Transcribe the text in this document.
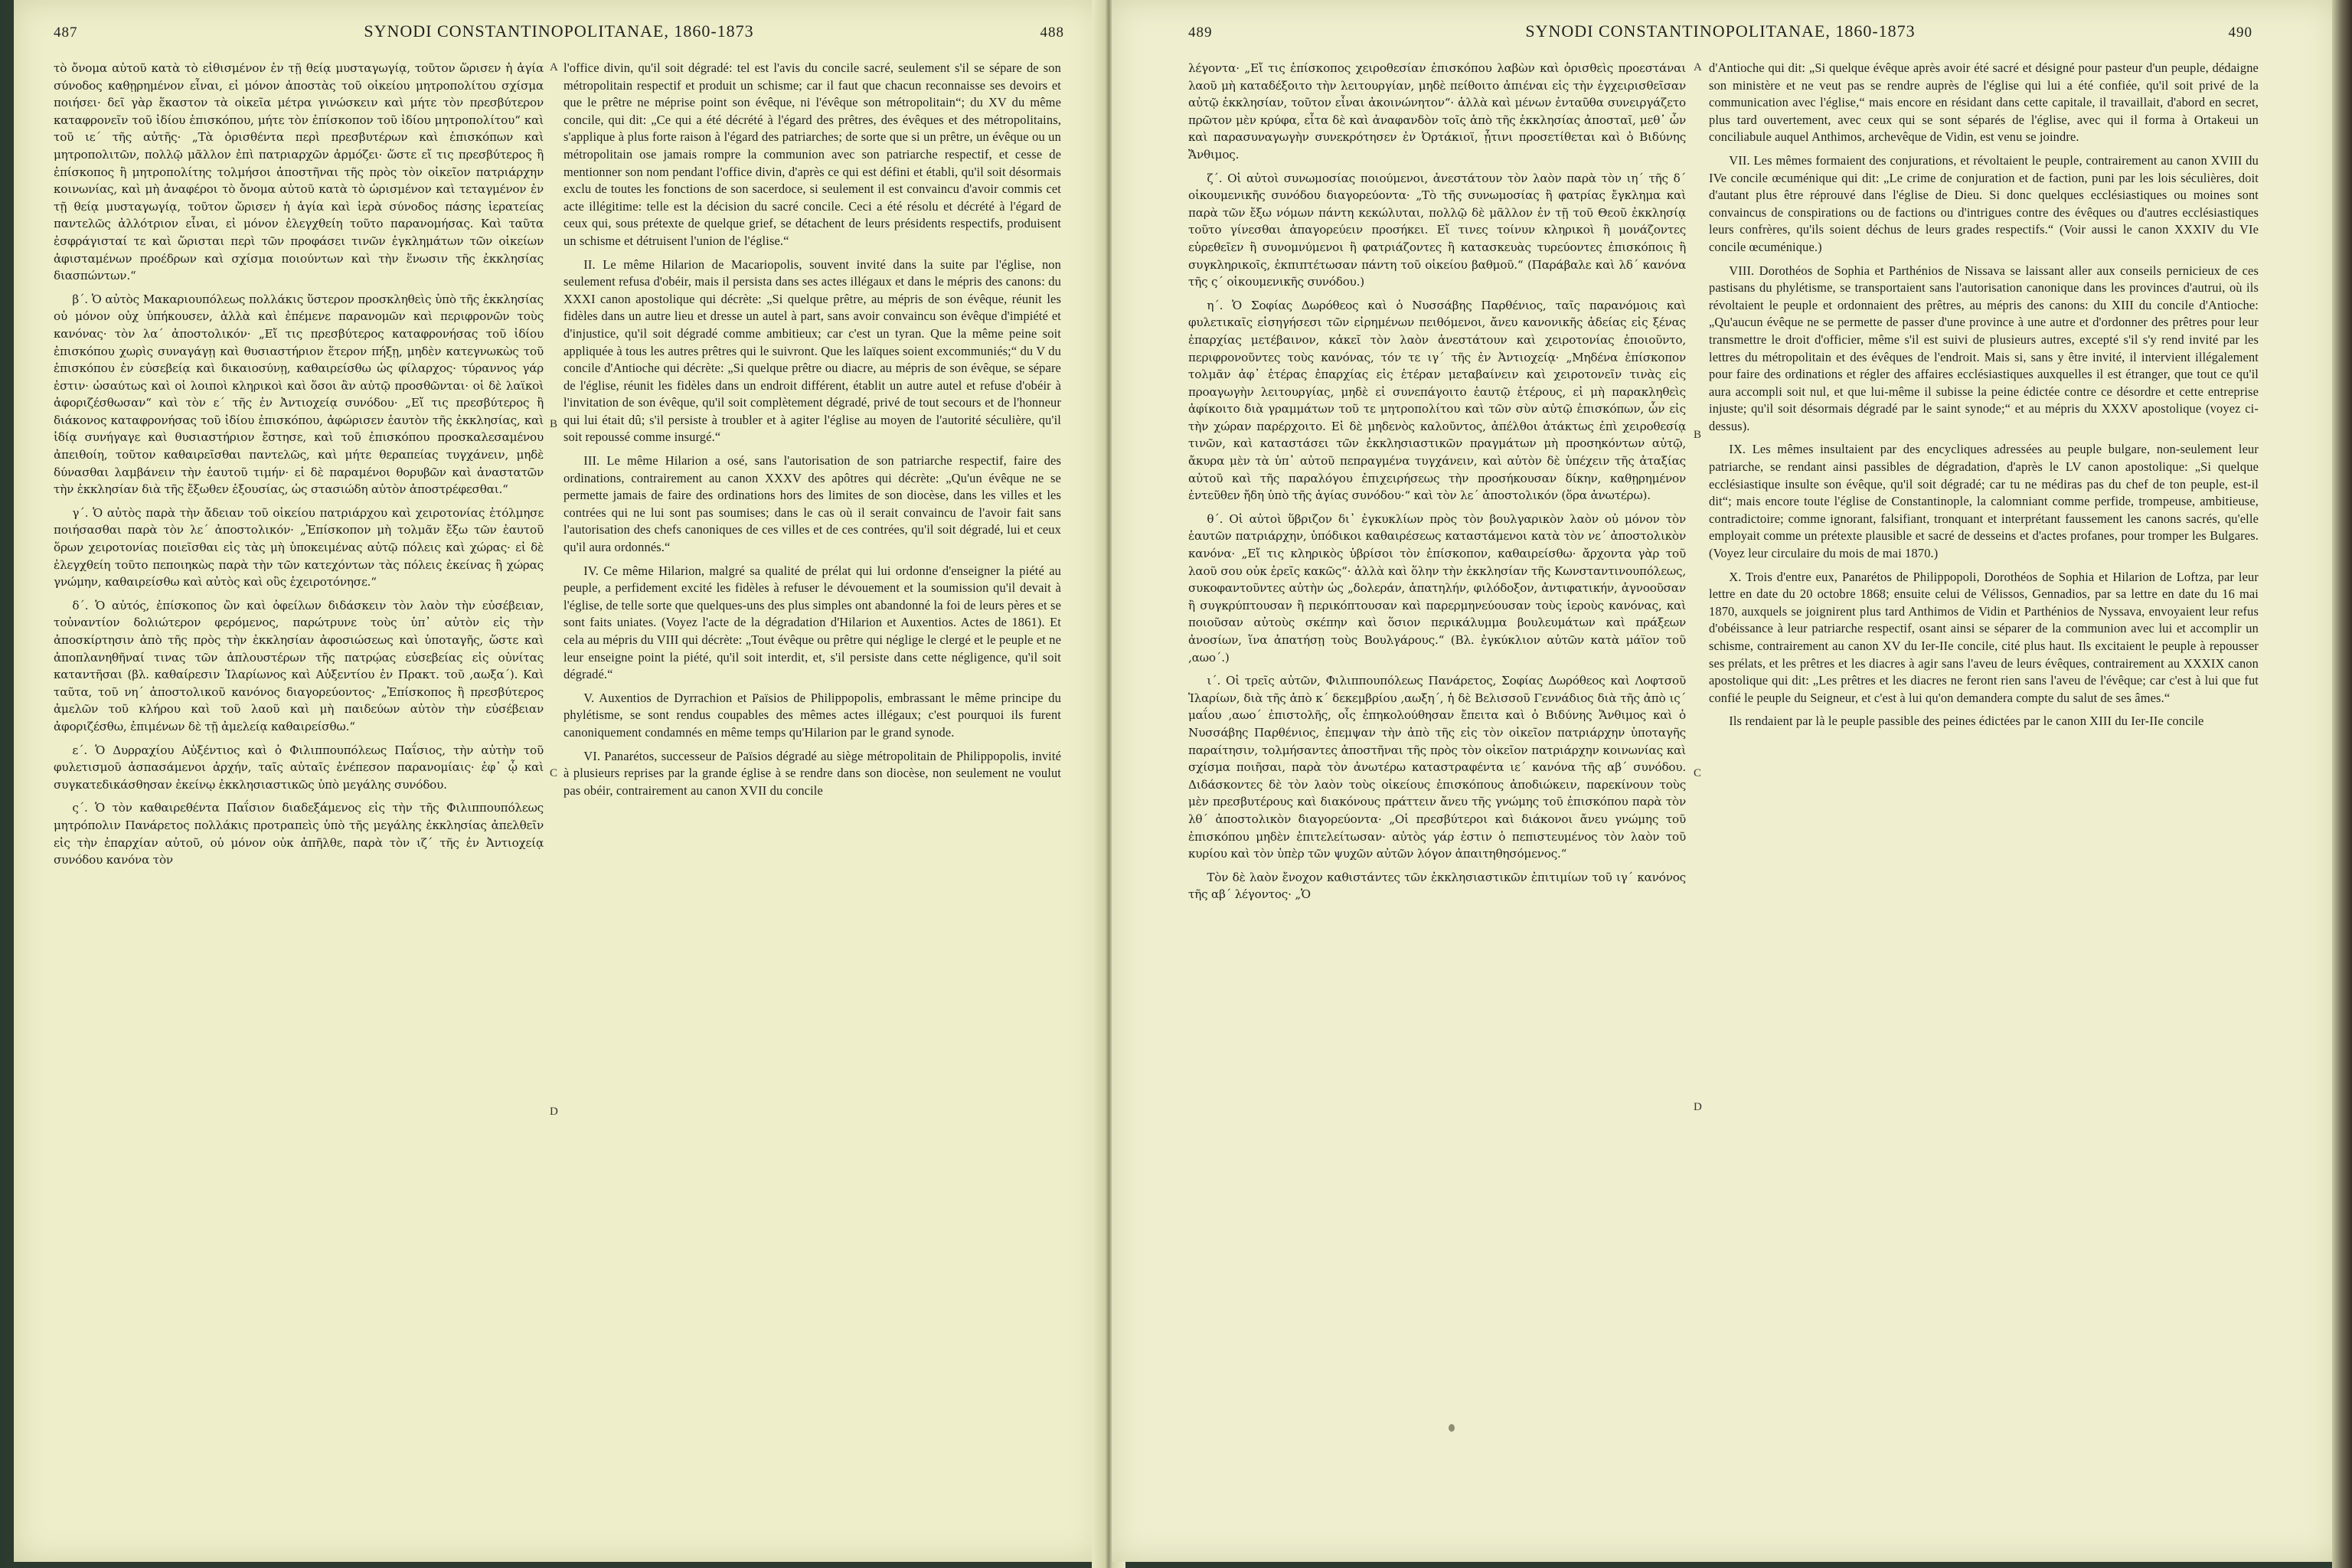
487	SYNODI CONSTANTINOPOLITANAE, 1860-1873	488

τὸ ὄνομα αὐτοῦ κατὰ τὸ εἰθισμένον ἐν τῇ θείᾳ μυσταγωγίᾳ, τοῦτον ὥρισεν ἡ ἁγία σύνοδος καθῃρημένον εἶναι, εἰ μόνον ἀποστὰς τοῦ οἰκείου μητροπολίτου σχίσμα ποιήσει· δεῖ γὰρ ἕκαστον τὰ οἰκεῖα μέτρα γινώσκειν καὶ μήτε τὸν πρεσβύτερον καταφρονεῖν τοῦ ἰδίου ἐπισκόπου, μήτε τὸν ἐπίσκοπον τοῦ ἰδίου μητροπολίτου“ καὶ τοῦ ιε΄ τῆς αὐτῆς· „Τὰ ὁρισθέντα περὶ πρεσβυτέρων καὶ ἐπισκόπων καὶ μητροπολιτῶν, πολλῷ μᾶλλον ἐπὶ πατριαρχῶν ἁρμόζει· ὥστε εἴ τις πρεσβύτερος ἢ ἐπίσκοπος ἢ μητροπολίτης τολμήσοι ἀποστῆναι τῆς πρὸς τὸν οἰκεῖον πατριάρχην κοινωνίας, καὶ μὴ ἀναφέροι τὸ ὄνομα αὐτοῦ κατὰ τὸ ὡρισμένον καὶ τεταγμένον ἐν τῇ θείᾳ μυσταγωγίᾳ, τοῦτον ὥρισεν ἡ ἁγία καὶ ἱερὰ σύνοδος πάσης ἱερατείας παντελῶς ἀλλότριον εἶναι, εἰ μόνον ἐλεγχθείη τοῦτο παρανομήσας. Καὶ ταῦτα ἐσφράγισταί τε καὶ ὥρισται περὶ τῶν προφάσει τινῶν ἐγκλημάτων τῶν οἰκείων ἀφισταμένων προέδρων καὶ σχίσμα ποιούντων καὶ τὴν ἕνωσιν τῆς ἐκκλησίας διασπώντων.“

β΄. Ὁ αὐτὸς Μακαριουπόλεως πολλάκις ὕστερον προσκληθεὶς ὑπὸ τῆς ἐκκλησίας οὐ μόνον οὐχ ὑπήκουσεν, ἀλλὰ καὶ ἐπέμενε παρανομῶν καὶ περιφρονῶν τοὺς κανόνας· τὸν λα΄ ἀποστολικόν· „Εἴ τις πρεσβύτερος καταφρονήσας τοῦ ἰδίου ἐπισκόπου χωρὶς συναγάγῃ καὶ θυσιαστήριον ἕτερον πήξῃ, μηδὲν κατεγνωκὼς τοῦ ἐπισκόπου ἐν εὐσεβείᾳ καὶ δικαιοσύνῃ, καθαιρείσθω ὡς φίλαρχος· τύραννος γάρ ἐστιν· ὡσαύτως καὶ οἱ λοιποὶ κληρικοὶ καὶ ὅσοι ἂν αὐτῷ προσθῶνται· οἱ δὲ λαϊκοὶ ἀφοριζέσθωσαν“ καὶ τὸν ε΄ τῆς ἐν Ἀντιοχείᾳ συνόδου· „Εἴ τις πρεσβύτερος ἢ διάκονος καταφρονήσας τοῦ ἰδίου ἐπισκόπου, ἀφώρισεν ἑαυτὸν τῆς ἐκκλησίας, καὶ ἰδίᾳ συνήγαγε καὶ θυσιαστήριον ἔστησε, καὶ τοῦ ἐπισκόπου προσκαλεσαμένου ἀπειθοίη, τοῦτον καθαιρεῖσθαι παντελῶς, καὶ μήτε θεραπείας τυγχάνειν, μηδὲ δύνασθαι λαμβάνειν τὴν ἑαυτοῦ τιμήν· εἰ δὲ παραμένοι θορυβῶν καὶ ἀναστατῶν τὴν ἐκκλησίαν διὰ τῆς ἔξωθεν ἐξουσίας, ὡς στασιώδη αὐτὸν ἀποστρέφεσθαι.“

γ΄. Ὁ αὐτὸς παρὰ τὴν ἄδειαν τοῦ οἰκείου πατριάρχου καὶ χειροτονίας ἐτόλμησε ποιήσασθαι παρὰ τὸν λε΄ ἀποστολικόν· „Ἐπίσκοπον μὴ τολμᾶν ἔξω τῶν ἑαυτοῦ ὅρων χειροτονίας ποιεῖσθαι εἰς τὰς μὴ ὑποκειμένας αὐτῷ πόλεις καὶ χώρας· εἰ δὲ ἐλεγχθείη τοῦτο πεποιηκὼς παρὰ τὴν τῶν κατεχόντων τὰς πόλεις ἐκείνας ἢ χώρας γνώμην, καθαιρείσθω καὶ αὐτὸς καὶ οὓς ἐχειροτόνησε.“

δ΄. Ὁ αὐτός, ἐπίσκοπος ὢν καὶ ὀφείλων διδάσκειν τὸν λαὸν τὴν εὐσέβειαν, τοὐναντίον δολιώτερον φερόμενος, παρώτρυνε τοὺς ὑπ᾽ αὐτὸν εἰς τὴν ἀποσκίρτησιν ἀπὸ τῆς πρὸς τὴν ἐκκλησίαν ἀφοσιώσεως καὶ ὑποταγῆς, ὥστε καὶ ἀποπλανηθῆναί τινας τῶν ἁπλουστέρων τῆς πατρῴας εὐσεβείας εἰς οὐνίτας καταντῆσαι (βλ. καθαίρεσιν Ἱλαρίωνος καὶ Αὐξεντίου ἐν Πρακτ. τοῦ ,αωξα΄). Καὶ ταῦτα, τοῦ νη΄ ἀποστολικοῦ κανόνος διαγορεύοντος· „Ἐπίσκοπος ἢ πρεσβύτερος ἀμελῶν τοῦ κλήρου καὶ τοῦ λαοῦ καὶ μὴ παιδεύων αὐτὸν τὴν εὐσέβειαν ἀφοριζέσθω, ἐπιμένων δὲ τῇ ἀμελείᾳ καθαιρείσθω.“

ε΄. Ὁ Δυρραχίου Αὐξέντιος καὶ ὁ Φιλιππουπόλεως Παΐσιος, τὴν αὐτὴν τοῦ φυλετισμοῦ ἀσπασάμενοι ἀρχήν, ταῖς αὐταῖς ἐνέπεσον παρανομίαις· ἐφ᾽ ᾧ καὶ συγκατεδικάσθησαν ἐκείνῳ ἐκκλησιαστικῶς ὑπὸ μεγάλης συνόδου.

ς΄. Ὁ τὸν καθαιρεθέντα Παΐσιον διαδεξάμενος εἰς τὴν τῆς Φιλιππουπόλεως μητρόπολιν Πανάρετος πολλάκις προτραπεὶς ὑπὸ τῆς μεγάλης ἐκκλησίας ἀπελθεῖν εἰς τὴν ἐπαρχίαν αὐτοῦ, οὐ μόνον οὐκ ἀπῆλθε, παρὰ τὸν ιζ΄ τῆς ἐν Ἀντιοχείᾳ συνόδου κανόνα τὸν

l'office divin, qu'il soit dégradé: tel est l'avis du concile sacré, seulement s'il se sépare de son métropolitain respectif et produit un schisme; car il faut que chacun reconnaisse ses devoirs et que le prêtre ne méprise point son évêque, ni l'évêque son métropolitain“; du XV du même concile, qui dit: „Ce qui a été décrété à l'égard des prêtres, des évêques et des métropolitains, s'applique à plus forte raison à l'égard des patriarches; de sorte que si un prêtre, un évêque ou un métropolitain ose jamais rompre la communion avec son patriarche respectif, et cesse de mentionner son nom pendant l'office divin, d'après ce qui est défini et établi, qu'il soit désormais exclu de toutes les fonctions de son sacerdoce, si seulement il est convaincu d'avoir commis cet acte illégitime: telle est la décision du sacré concile. Ceci a été résolu et décrété à l'égard de ceux qui, sous prétexte de quelque grief, se détachent de leurs présidents respectifs, produisent un schisme et détruisent l'union de l'église.“

II. Le même Hilarion de Macariopolis, souvent invité dans la suite par l'église, non seulement refusa d'obéir, mais il persista dans ses actes illégaux et dans le mépris des canons: du XXXI canon apostolique qui décrète: „Si quelque prêtre, au mépris de son évêque, réunit les fidèles dans un autre lieu et dresse un autel à part, sans avoir convaincu son évêque d'impiété et d'injustice, qu'il soit dégradé comme ambitieux; car c'est un tyran. Que la même peine soit appliquée à tous les autres prêtres qui le suivront. Que les laïques soient excommuniés;“ du V du concile d'Antioche qui décrète: „Si quelque prêtre ou diacre, au mépris de son évêque, se sépare de l'église, réunit les fidèles dans un endroit différent, établit un autre autel et refuse d'obéir à l'invitation de son évêque, qu'il soit complètement dégradé, privé de tout secours et de l'honneur qui lui était dû; s'il persiste à troubler et à agiter l'église au moyen de l'autorité séculière, qu'il soit repoussé comme insurgé.“

III. Le même Hilarion a osé, sans l'autorisation de son patriarche respectif, faire des ordinations, contrairement au canon XXXV des apôtres qui décrète: „Qu'un évêque ne se permette jamais de faire des ordinations hors des limites de son diocèse, dans les villes et les contrées qui ne lui sont pas soumises; dans le cas où il serait convaincu de l'avoir fait sans l'autorisation des chefs canoniques de ces villes et de ces contrées, qu'il soit dégradé, lui et ceux qu'il aura ordonnés.“

IV. Ce même Hilarion, malgré sa qualité de prélat qui lui ordonne d'enseigner la piété au peuple, a perfidement excité les fidèles à refuser le dévouement et la soumission qu'il devait à l'église, de telle sorte que quelques-uns des plus simples ont abandonné la foi de leurs pères et se sont faits uniates. (Voyez l'acte de la dégradation d'Hilarion et Auxentios. Actes de 1861). Et cela au mépris du VIII qui décrète: „Tout évêque ou prêtre qui néglige le clergé et le peuple et ne leur enseigne point la piété, qu'il soit interdit, et, s'il persiste dans cette négligence, qu'il soit dégradé.“

V. Auxentios de Dyrrachion et Païsios de Philippopolis, embrassant le même principe du phylétisme, se sont rendus coupables des mêmes actes illégaux; c'est pourquoi ils furent canoniquement condamnés en même temps qu'Hilarion par le grand synode.

VI. Panarétos, successeur de Païsios dégradé au siège métropolitain de Philippopolis, invité à plusieurs reprises par la grande église à se rendre dans son diocèse, non seulement ne voulut pas obéir, contrairement au canon XVII du concile

A
B
C
D
489	SYNODI CONSTANTINOPOLITANAE, 1860-1873	490

λέγοντα· „Εἴ τις ἐπίσκοπος χειροθεσίαν ἐπισκόπου λαβὼν καὶ ὁρισθεὶς προεστάναι λαοῦ μὴ καταδέξοιτο τὴν λειτουργίαν, μηδὲ πείθοιτο ἀπιέναι εἰς τὴν ἐγχειρισθεῖσαν αὐτῷ ἐκκλησίαν, τοῦτον εἶναι ἀκοινώνητον“· ἀλλὰ καὶ μένων ἐνταῦθα συνειργάζετο πρῶτον μὲν κρύφα, εἶτα δὲ καὶ ἀναφανδὸν τοῖς ἀπὸ τῆς ἐκκλησίας ἀποσταῖ, μεθ᾽ ὧν καὶ παρασυναγωγὴν συνεκρότησεν ἐν Ὀρτάκιοϊ, ᾗτινι προσετίθεται καὶ ὁ Βιδύνης Ἄνθιμος.

ζ΄. Οἱ αὐτοὶ συνωμοσίας ποιούμενοι, ἀνεστάτουν τὸν λαὸν παρὰ τὸν ιη΄ τῆς δ΄ οἰκουμενικῆς συνόδου διαγορεύοντα· „Τὸ τῆς συνωμοσίας ἢ φατρίας ἔγκλημα καὶ παρὰ τῶν ἔξω νόμων πάντη κεκώλυται, πολλῷ δὲ μᾶλλον ἐν τῇ τοῦ Θεοῦ ἐκκλησίᾳ τοῦτο γίνεσθαι ἀπαγορεύειν προσήκει. Εἴ τινες τοίνυν κληρικοὶ ἢ μονάζοντες εὑρεθεῖεν ἢ συνομνύμενοι ἢ φατριάζοντες ἢ κατασκευὰς τυρεύοντες ἐπισκόποις ἢ συγκληρικοῖς, ἐκπιπτέτωσαν πάντη τοῦ οἰκείου βαθμοῦ.“ (Παράβαλε καὶ λδ΄ κανόνα τῆς ς΄ οἰκουμενικῆς συνόδου.)

η΄. Ὁ Σοφίας Δωρόθεος καὶ ὁ Νυσσάβης Παρθένιος, ταῖς παρανόμοις καὶ φυλετικαῖς εἰσηγήσεσι τῶν εἰρημένων πειθόμενοι, ἄνευ κανονικῆς ἀδείας εἰς ξένας ἐπαρχίας μετέβαινον, κἀκεῖ τὸν λαὸν ἀνεστάτουν καὶ χειροτονίας ἐποιοῦντο, περιφρονοῦντες τοὺς κανόνας, τόν τε ιγ΄ τῆς ἐν Ἀντιοχείᾳ· „Μηδένα ἐπίσκοπον τολμᾶν ἀφ᾽ ἑτέρας ἐπαρχίας εἰς ἑτέραν μεταβαίνειν καὶ χειροτονεῖν τινὰς εἰς προαγωγὴν λειτουργίας, μηδὲ εἰ συνεπάγοιτο ἑαυτῷ ἑτέρους, εἰ μὴ παρακληθεὶς ἀφίκοιτο διὰ γραμμάτων τοῦ τε μητροπολίτου καὶ τῶν σὺν αὐτῷ ἐπισκόπων, ὧν εἰς τὴν χώραν παρέρχοιτο. Εἰ δὲ μηδενὸς καλοῦντος, ἀπέλθοι ἀτάκτως ἐπὶ χειροθεσίᾳ τινῶν, καὶ καταστάσει τῶν ἐκκλησιαστικῶν πραγμάτων μὴ προσηκόντων αὐτῷ, ἄκυρα μὲν τὰ ὑπ᾽ αὐτοῦ πεπραγμένα τυγχάνειν, καὶ αὐτὸν δὲ ὑπέχειν τῆς ἀταξίας αὐτοῦ καὶ τῆς παραλόγου ἐπιχειρήσεως τὴν προσήκουσαν δίκην, καθῃρημένον ἐντεῦθεν ἤδη ὑπὸ τῆς ἁγίας συνόδου·“ καὶ τὸν λε΄ ἀποστολικόν (ὅρα ἀνωτέρω).

θ΄. Οἱ αὐτοὶ ὕβριζον δι᾽ ἐγκυκλίων πρὸς τὸν βουλγαρικὸν λαὸν οὐ μόνον τὸν ἑαυτῶν πατριάρχην, ὑπόδικοι καθαιρέσεως καταστάμενοι κατὰ τὸν νε΄ ἀποστολικὸν κανόνα· „Εἴ τις κληρικὸς ὑβρίσοι τὸν ἐπίσκοπον, καθαιρείσθω· ἄρχοντα γὰρ τοῦ λαοῦ σου οὐκ ἐρεῖς κακῶς“· ἀλλὰ καὶ ὅλην τὴν ἐκκλησίαν τῆς Κωνσταντινουπόλεως, συκοφαντοῦντες αὐτὴν ὡς „δολεράν, ἀπατηλήν, φιλόδοξον, ἀντιφατικήν, ἀγνοοῦσαν ἢ συγκρύπτουσαν ἢ περικόπτουσαν καὶ παρερμηνεύουσαν τοὺς ἱεροὺς κανόνας, καὶ ποιοῦσαν αὐτοὺς σκέπην καὶ ὅσιον περικάλυμμα βουλευμάτων καὶ πράξεων ἀνοσίων, ἵνα ἁπατήσῃ τοὺς Βουλγάρους.“ (Βλ. ἐγκύκλιον αὐτῶν κατὰ μάϊον τοῦ ,αωο΄.)

ι΄. Οἱ τρεῖς αὐτῶν, Φιλιππουπόλεως Πανάρετος, Σοφίας Δωρόθεος καὶ Λοφτσοῦ Ἱλαρίων, διὰ τῆς ἀπὸ κ΄ δεκεμβρίου ,αωξη΄, ἡ δὲ Βελισσοῦ Γεννάδιος διὰ τῆς ἀπὸ ις΄ μαΐου ,αωο΄ ἐπιστολῆς, οἷς ἐπηκολούθησαν ἔπειτα καὶ ὁ Βιδύνης Ἄνθιμος καὶ ὁ Νυσσάβης Παρθένιος, ἐπεμψαν τὴν ἀπὸ τῆς εἰς τὸν οἰκεῖον πατριάρχην ὑποταγῆς παραίτησιν, τολμήσαντες ἀποστῆναι τῆς πρὸς τὸν οἰκεῖον πατριάρχην κοινωνίας καὶ σχίσμα ποιῆσαι, παρὰ τὸν ἀνωτέρω καταστραφέντα ιε΄ κανόνα τῆς αβ΄ συνόδου. Διδάσκοντες δὲ τὸν λαὸν τοὺς οἰκείους ἐπισκόπους ἀποδιώκειν, παρεκίνουν τοὺς μὲν πρεσβυτέρους καὶ διακόνους πράττειν ἄνευ τῆς γνώμης τοῦ ἐπισκόπου παρὰ τὸν λθ΄ ἀποστολικὸν διαγορεύοντα· „Οἱ πρεσβύτεροι καὶ διάκονοι ἄνευ γνώμης τοῦ ἐπισκόπου μηδὲν ἐπιτελείτωσαν· αὐτὸς γάρ ἐστιν ὁ πεπιστευμένος τὸν λαὸν τοῦ κυρίου καὶ τὸν ὑπὲρ τῶν ψυχῶν αὐτῶν λόγον ἀπαιτηθησόμενος.“

Τὸν δὲ λαὸν ἔνοχον καθιστάντες τῶν ἐκκλησιαστικῶν ἐπιτιμίων τοῦ ιγ΄ κανόνος τῆς αβ΄ λέγοντος· „Ὁ

d'Antioche qui dit: „Si quelque évêque après avoir été sacré et désigné pour pasteur d'un peuple, dédaigne son ministère et ne veut pas se rendre auprès de l'église qui lui a été confiée, qu'il soit privé de la communication avec l'église,“ mais encore en résidant dans cette capitale, il travaillait, d'abord en secret, plus tard ouvertement, avec ceux qui se sont séparés de l'église, avec qui il forma à Ortakeui un conciliabule auquel Anthimos, archevêque de Vidin, est venu se joindre.

VII. Les mêmes formaient des conjurations, et révoltaient le peuple, contrairement au canon XVIII du IVe concile œcuménique qui dit: „Le crime de conjuration et de faction, puni par les lois séculières, doit d'autant plus être réprouvé dans l'église de Dieu. Si donc quelques ecclésiastiques ou moines sont convaincus de conspirations ou de factions ou d'intrigues contre des évêques ou d'autres ecclésiastiques leurs confrères, qu'ils soient déchus de leurs grades respectifs.“ (Voir aussi le canon XXXIV du VIe concile œcuménique.)

VIII. Dorothéos de Sophia et Parthénios de Nissava se laissant aller aux conseils pernicieux de ces pastisans du phylétisme, se transportaient sans l'autorisation canonique dans les provinces d'autrui, où ils révoltaient le peuple et ordonnaient des prêtres, au mépris des canons: du XIII du concile d'Antioche: „Qu'aucun évêque ne se permette de passer d'une province à une autre et d'ordonner des prêtres pour leur transmettre le droit d'officier, même s'il est suivi de plusieurs autres, excepté s'il s'y rend invité par les lettres du métropolitain et des évêques de l'endroit. Mais si, sans y être invité, il intervient illégalement pour faire des ordinations et régler des affaires ecclésiastiques auxquelles il est étranger, que tout ce qu'il aura accompli soit nul, et que lui-même il subisse la peine édictée contre ce désordre et cette entreprise injuste; qu'il soit désormais dégradé par le saint synode;“ et au mépris du XXXV apostolique (voyez ci-dessus).

IX. Les mêmes insultaient par des encycliques adressées au peuple bulgare, non-seulement leur patriarche, se rendant ainsi passibles de dégradation, d'après le LV canon apostolique: „Si quelque ecclésiastique insulte son évêque, qu'il soit dégradé; car tu ne médiras pas du chef de ton peuple, est-il dit“; mais encore toute l'église de Constantinople, la calomniant comme perfide, trompeuse, ambitieuse, contradictoire; comme ignorant, falsifiant, tronquant et interprétant faussement les canons sacrés, qu'elle employait comme un prétexte plausible et sacré de desseins et d'actes profanes, pour tromper les Bulgares. (Voyez leur circulaire du mois de mai 1870.)

X. Trois d'entre eux, Panarétos de Philippopoli, Dorothéos de Sophia et Hilarion de Loftza, par leur lettre en date du 20 octobre 1868; ensuite celui de Vélissos, Gennadios, par sa lettre en date du 16 mai 1870, auxquels se joignirent plus tard Anthimos de Vidin et Parthénios de Nyssava, envoyaient leur refus d'obéissance à leur patriarche respectif, osant ainsi se séparer de la communion avec lui et accomplir un schisme, contrairement au canon XV du Ier-IIe concile, cité plus haut. Ils excitaient le peuple à repousser ses prélats, et les prêtres et les diacres à agir sans l'aveu de leurs évêques, contrairement au XXXIX canon apostolique qui dit: „Les prêtres et les diacres ne feront rien sans l'aveu de l'évêque; car c'est à lui que fut confié le peuple du Seigneur, et c'est à lui qu'on demandera compte du salut de ses âmes.“

Ils rendaient par là le peuple passible des peines édictées par le canon XIII du Ier-IIe concile

A
B
C
D
